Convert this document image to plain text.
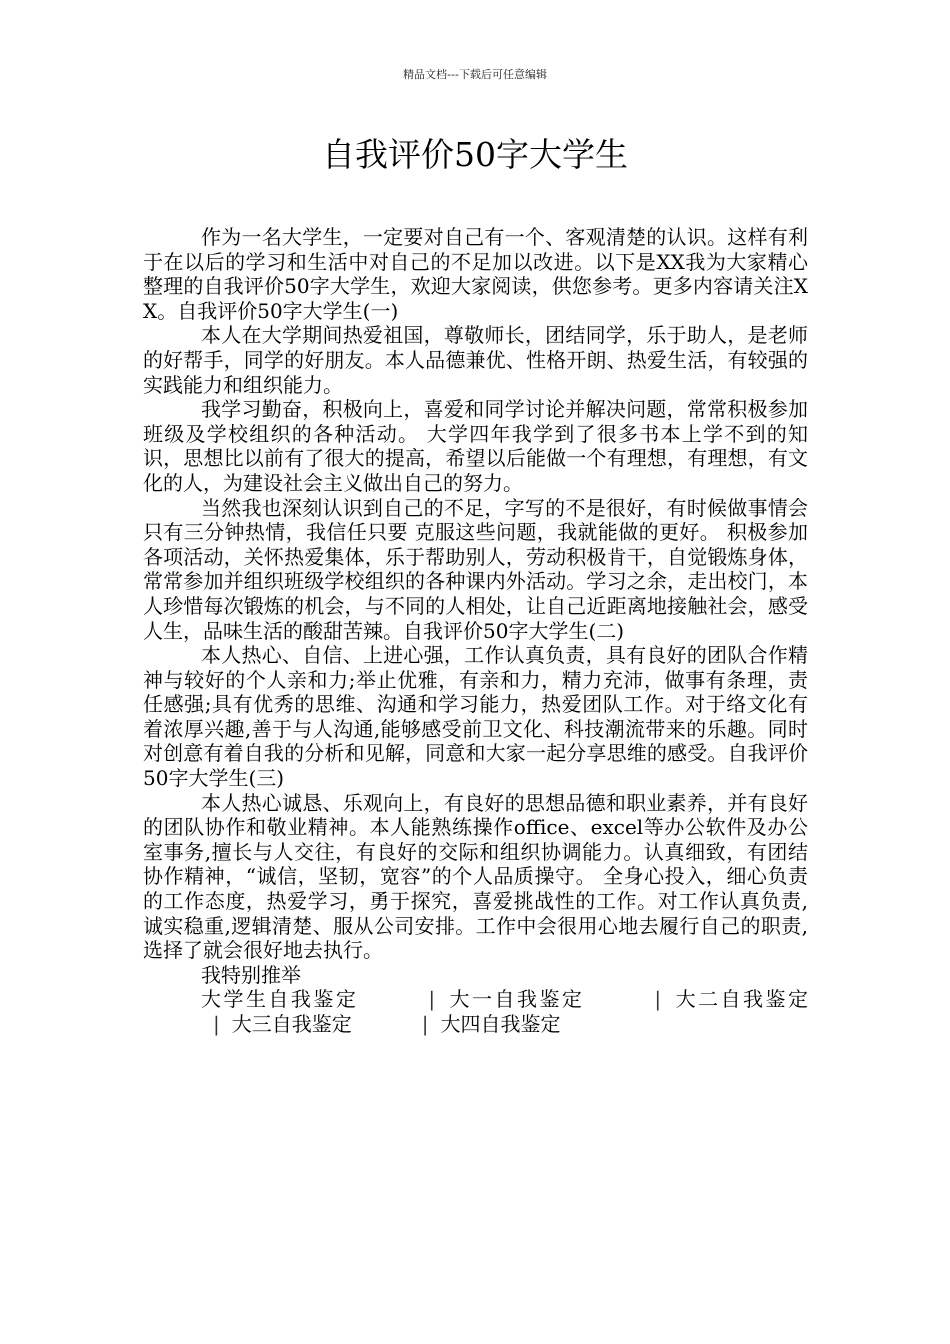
精品文档---下载后可任意编辑
自我评价50字大学生

作为一名大学生，一定要对自己有一个、客观清楚的认识。这样有利于在以后的学习和生活中对自己的不足加以改进。以下是XX我为大家精心整理的自我评价50字大学生，欢迎大家阅读，供您参考。更多内容请关注XX。自我评价50字大学生(一)

本人在大学期间热爱祖国，尊敬师长，团结同学，乐于助人，是老师的好帮手，同学的好朋友。本人品德兼优、性格开朗、热爱生活，有较强的实践能力和组织能力。

我学习勤奋，积极向上，喜爱和同学讨论并解决问题，常常积极参加班级及学校组织的各种活动。 大学四年我学到了很多书本上学不到的知识，思想比以前有了很大的提高，希望以后能做一个有理想，有理想，有文化的人，为建设社会主义做出自己的努力。

当然我也深刻认识到自己的不足，字写的不是很好，有时候做事情会只有三分钟热情，我信任只要 克服这些问题，我就能做的更好。 积极参加各项活动，关怀热爱集体，乐于帮助别人，劳动积极肯干，自觉锻炼身体，常常参加并组织班级学校组织的各种课内外活动。学习之余，走出校门，本人珍惜每次锻炼的机会，与不同的人相处，让自己近距离地接触社会，感受人生，品味生活的酸甜苦辣。自我评价50字大学生(二)

本人热心、自信、上进心强，工作认真负责，具有良好的团队合作精神与较好的个人亲和力;举止优雅，有亲和力，精力充沛，做事有条理，责任感强;具有优秀的思维、沟通和学习能力，热爱团队工作。对于络文化有着浓厚兴趣,善于与人沟通,能够感受前卫文化、科技潮流带来的乐趣。同时对创意有着自我的分析和见解，同意和大家一起分享思维的感受。自我评价50字大学生(三)

本人热心诚恳、乐观向上，有良好的思想品德和职业素养，并有良好的团队协作和敬业精神。本人能熟练操作office、excel等办公软件及办公室事务,擅长与人交往，有良好的交际和组织协调能力。认真细致，有团结协作精神，“诚信，坚韧，宽容”的个人品质操守。 全身心投入，细心负责的工作态度，热爱学习，勇于探究，喜爱挑战性的工作。对工作认真负责,诚实稳重,逻辑清楚、服从公司安排。工作中会很用心地去履行自己的职责,选择了就会很好地去执行。

我特别推举

大学生自我鉴定	| 大一自我鉴定	| 大二自我鉴定| 大三自我鉴定	| 大四自我鉴定
